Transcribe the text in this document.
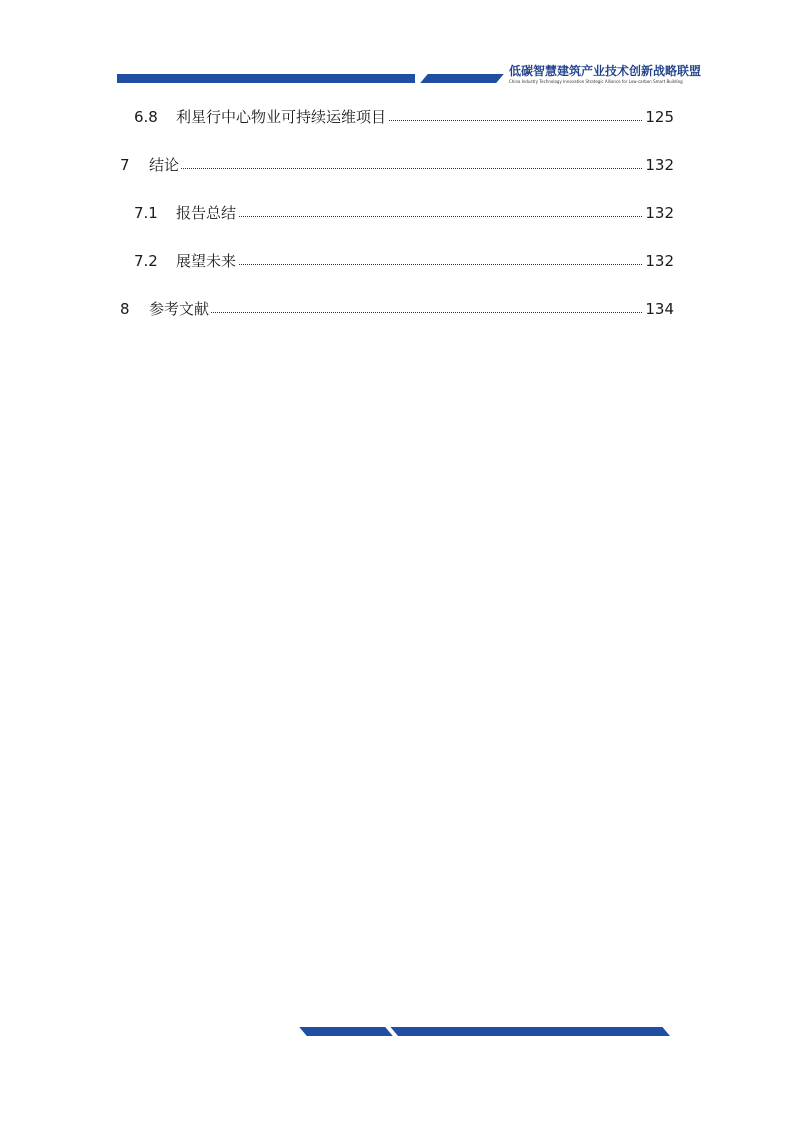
低碳智慧建筑产业技术创新战略联盟
China Industry Technology Innovation Strategic Alliance for Low-carbon Smart Building
6.8 利星行中心物业可持续运维项目	125
7 结论	132
7.1 报告总结	132
7.2 展望未来	132
8 参考文献	134
